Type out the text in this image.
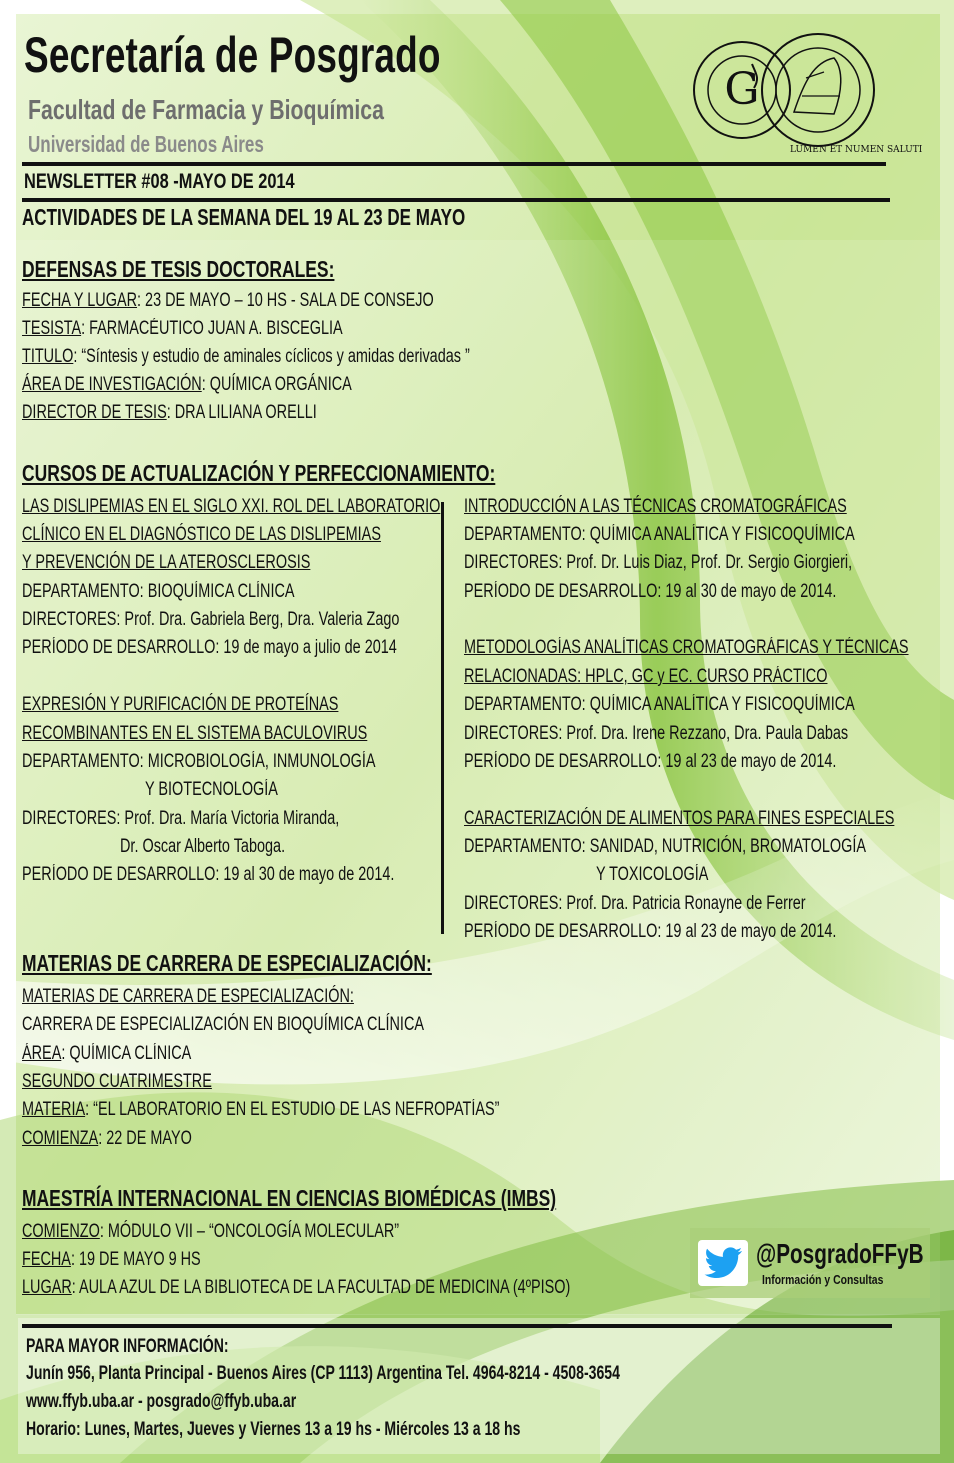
Secretaría de Posgrado
Facultad de Farmacia y Bioquímica
Universidad de Buenos Aires
G
LUMEN ET NUMEN SALUTI
NEWSLETTER #08 -MAYO DE 2014
ACTIVIDADES DE LA SEMANA DEL 19 AL 23 DE MAYO
DEFENSAS DE TESIS DOCTORALES:
FECHA Y LUGAR: 23 DE MAYO – 10 HS - SALA DE CONSEJO
TESISTA: FARMACÉUTICO JUAN A. BISCEGLIA
TITULO: “Síntesis y estudio de aminales cíclicos y amidas derivadas ”
ÁREA DE INVESTIGACIÓN: QUÍMICA ORGÁNICA
DIRECTOR DE TESIS: DRA LILIANA ORELLI
CURSOS DE ACTUALIZACIÓN Y PERFECCIONAMIENTO:
LAS DISLIPEMIAS EN EL SIGLO XXI. ROL DEL LABORATORIO
CLÍNICO EN EL DIAGNÓSTICO DE LAS DISLIPEMIAS
Y PREVENCIÓN DE LA ATEROSCLEROSIS
DEPARTAMENTO: BIOQUÍMICA CLÍNICA
DIRECTORES: Prof. Dra. Gabriela Berg, Dra. Valeria Zago
PERÍODO DE DESARROLLO: 19 de mayo a julio de 2014
EXPRESIÓN Y PURIFICACIÓN DE PROTEÍNAS
RECOMBINANTES EN EL SISTEMA BACULOVIRUS
DEPARTAMENTO: MICROBIOLOGÍA, INMUNOLOGÍA
Y BIOTECNOLOGÍA
DIRECTORES: Prof. Dra. María Victoria Miranda,
Dr. Oscar Alberto Taboga.
PERÍODO DE DESARROLLO: 19 al 30 de mayo de 2014.
INTRODUCCIÓN A LAS TÉCNICAS CROMATOGRÁFICAS
DEPARTAMENTO: QUÍMICA ANALÍTICA Y FISICOQUÍMICA
DIRECTORES: Prof. Dr. Luis Diaz, Prof. Dr. Sergio Giorgieri,
PERÍODO DE DESARROLLO: 19 al 30 de mayo de 2014.
METODOLOGÍAS ANALÍTICAS CROMATOGRÁFICAS Y TÉCNICAS
RELACIONADAS: HPLC, GC y EC. CURSO PRÁCTICO
DEPARTAMENTO: QUÍMICA ANALÍTICA Y FISICOQUÍMICA
DIRECTORES: Prof. Dra. Irene Rezzano, Dra. Paula Dabas
PERÍODO DE DESARROLLO: 19 al 23 de mayo de 2014.
CARACTERIZACIÓN DE ALIMENTOS PARA FINES ESPECIALES
DEPARTAMENTO: SANIDAD, NUTRICIÓN, BROMATOLOGÍA
Y TOXICOLOGÍA
DIRECTORES: Prof. Dra. Patricia Ronayne de Ferrer
PERÍODO DE DESARROLLO: 19 al 23 de mayo de 2014.
MATERIAS DE CARRERA DE ESPECIALIZACIÓN:
MATERIAS DE CARRERA DE ESPECIALIZACIÓN:
CARRERA DE ESPECIALIZACIÓN EN BIOQUÍMICA CLÍNICA
ÁREA: QUÍMICA CLÍNICA
SEGUNDO CUATRIMESTRE
MATERIA: “EL LABORATORIO EN EL ESTUDIO DE LAS NEFROPATÍAS”
COMIENZA: 22 DE MAYO
MAESTRÍA INTERNACIONAL EN CIENCIAS BIOMÉDICAS (IMBS)
COMIENZO: MÓDULO VII – “ONCOLOGÍA MOLECULAR”
FECHA: 19 DE MAYO 9 HS
LUGAR: AULA AZUL DE LA BIBLIOTECA DE LA FACULTAD DE MEDICINA (4ºPISO)
@PosgradoFFyB
Información y Consultas
PARA MAYOR INFORMACIÓN:
Junín 956, Planta Principal - Buenos Aires (CP 1113) Argentina Tel. 4964-8214 - 4508-3654
www.ffyb.uba.ar - posgrado@ffyb.uba.ar
Horario: Lunes, Martes, Jueves y Viernes 13 a 19 hs - Miércoles 13 a 18 hs
